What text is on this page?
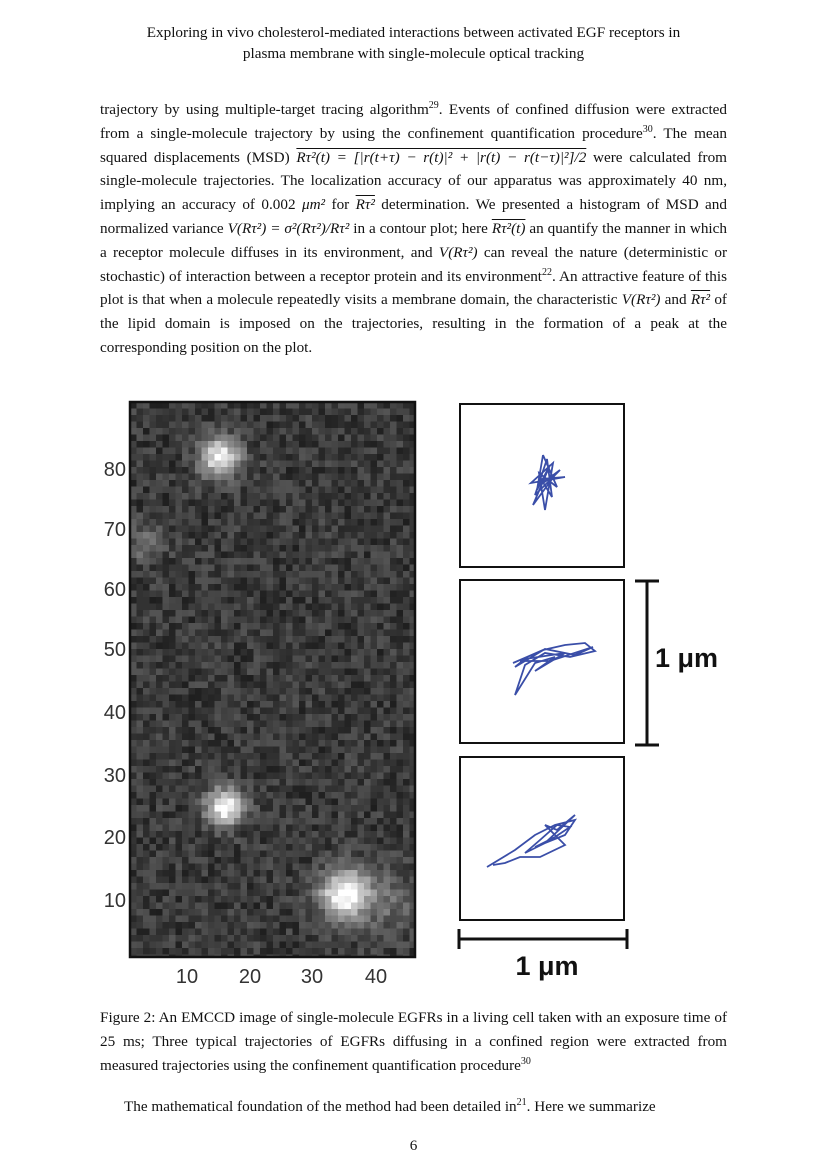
Exploring in vivo cholesterol-mediated interactions between activated EGF receptors in
plasma membrane with single-molecule optical tracking
trajectory by using multiple-target tracing algorithm$^{29}$. Events of confined diffusion were extracted from a single-molecule trajectory by using the confinement quantification procedure$^{30}$. The mean squared displacements (MSD) Rτ²(t) = [|r(t+τ) − r(t)|² + |r(t) − r(t−τ)|²]/2 were calculated from single-molecule trajectories. The localization accuracy of our apparatus was approximately 40 nm, implying an accuracy of 0.002 μm² for Rτ² determination. We presented a histogram of MSD and normalized variance V(Rτ²) = σ²(Rτ²)/Rτ² in a contour plot; here Rτ²(t) an quantify the manner in which a receptor molecule diffuses in its environment, and V(Rτ²) can reveal the nature (deterministic or stochastic) of interaction between a receptor protein and its environment$^{22}$. An attractive feature of this plot is that when a molecule repeatedly visits a membrane domain, the characteristic V(Rτ²) and Rτ² of the lipid domain is imposed on the trajectories, resulting in the formation of a peak at the corresponding position on the plot.
80
70
60
50
40
30
20
10
10 20 30 40
1 μm
1 μm
Figure 2: An EMCCD image of single-molecule EGFRs in a living cell taken with an exposure time of 25 ms; Three typical trajectories of EGFRs diffusing in a confined region were extracted from measured trajectories using the confinement quantification procedure$^{30}$
The mathematical foundation of the method had been detailed $in^{21}$. Here we summarize
6
